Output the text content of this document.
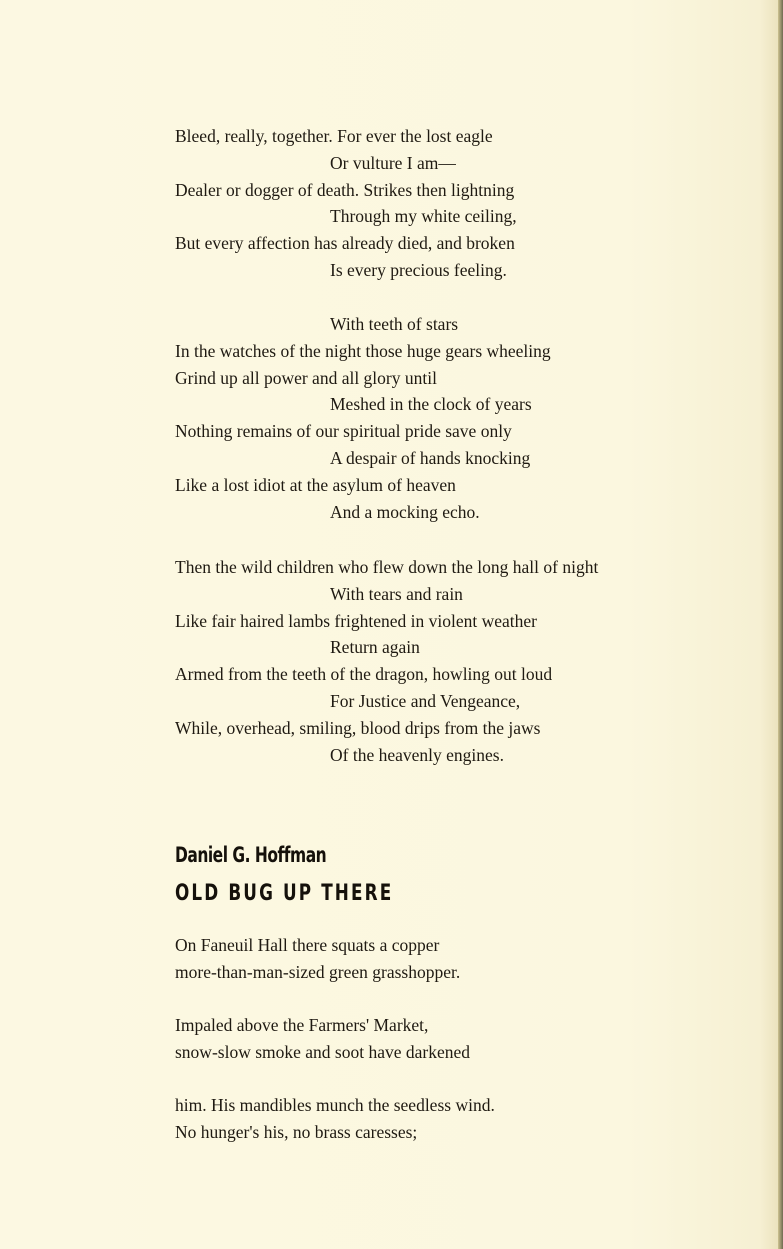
Bleed, really, together. For ever the lost eagle
Or vulture I am—
Dealer or dogger of death. Strikes then lightning
Through my white ceiling,
But every affection has already died, and broken
Is every precious feeling.
With teeth of stars
In the watches of the night those huge gears wheeling
Grind up all power and all glory until
Meshed in the clock of years
Nothing remains of our spiritual pride save only
A despair of hands knocking
Like a lost idiot at the asylum of heaven
And a mocking echo.
Then the wild children who flew down the long hall of night
With tears and rain
Like fair haired lambs frightened in violent weather
Return again
Armed from the teeth of the dragon, howling out loud
For Justice and Vengeance,
While, overhead, smiling, blood drips from the jaws
Of the heavenly engines.
Daniel G. Hoffman
OLD BUG UP THERE
On Faneuil Hall there squats a copper
more-than-man-sized green grasshopper.
Impaled above the Farmers' Market,
snow-slow smoke and soot have darkened
him. His mandibles munch the seedless wind.
No hunger's his, no brass caresses;
